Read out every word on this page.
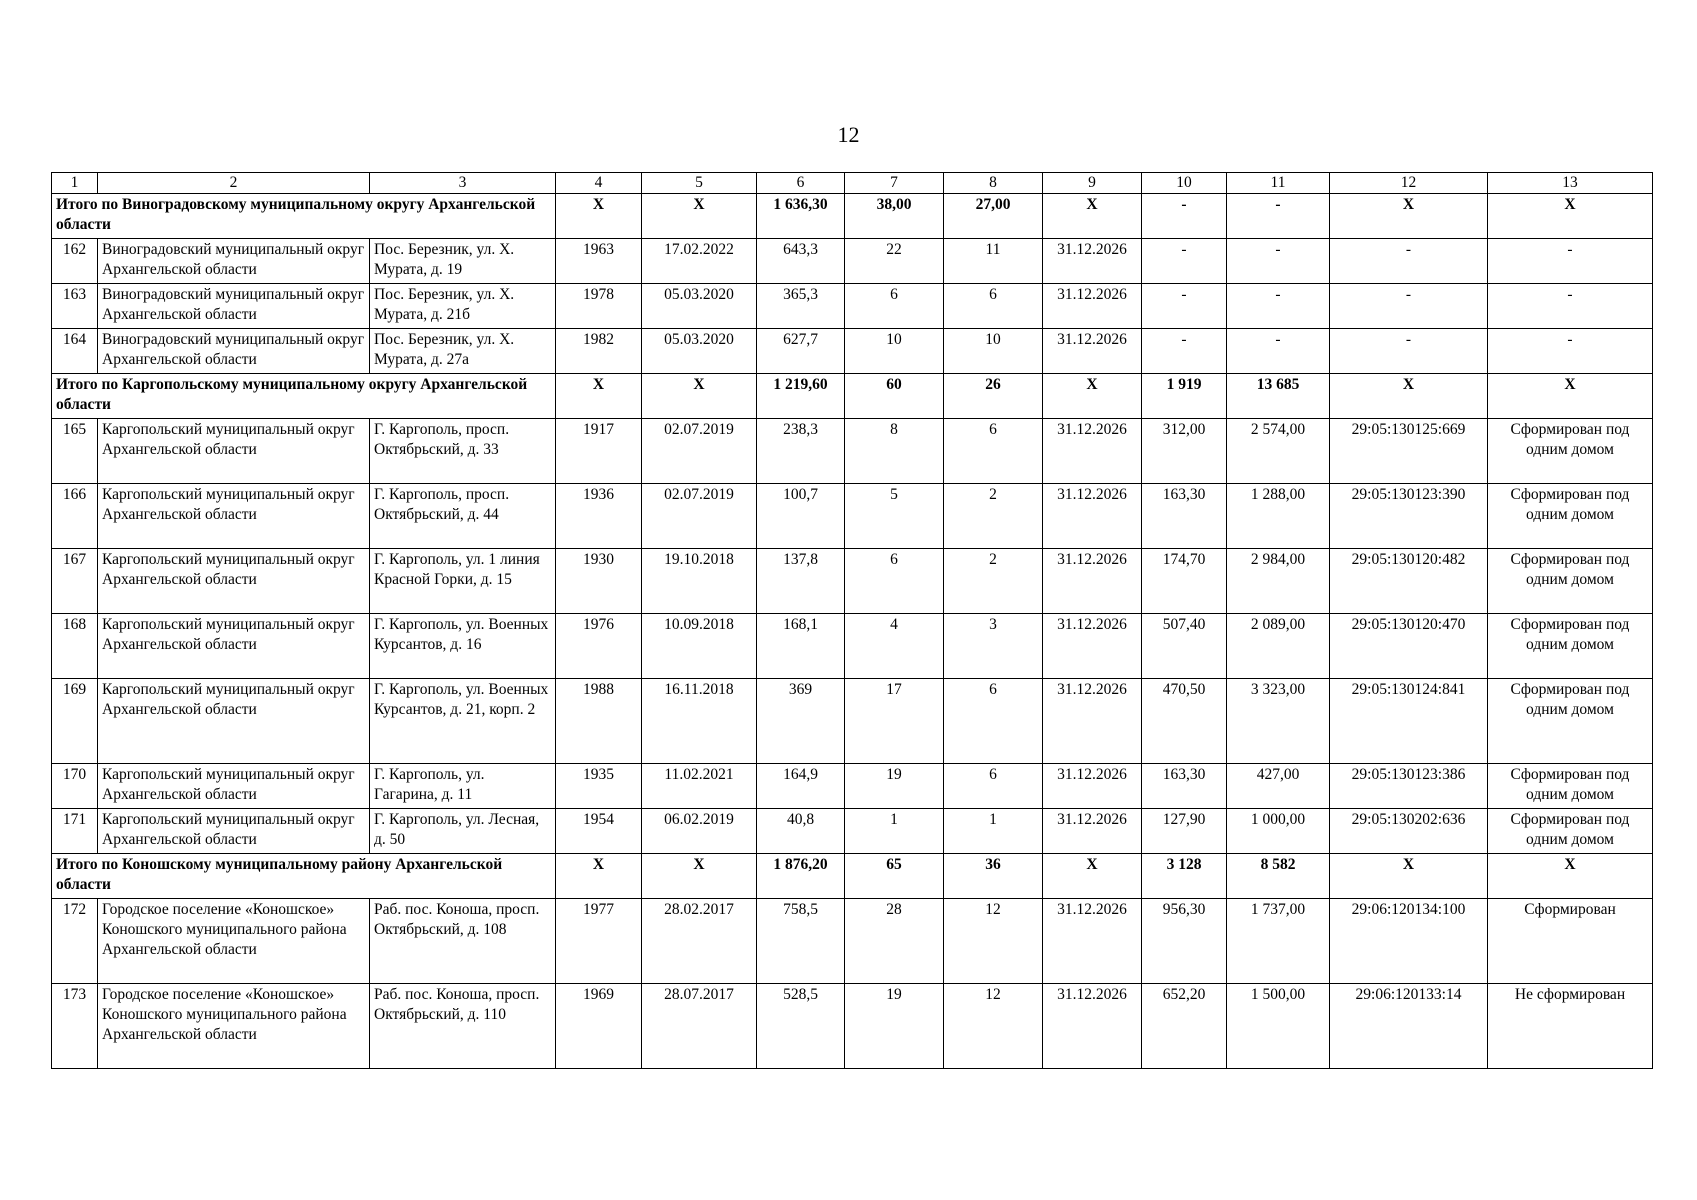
12
1	2	3	4	5	6	7	8	9	10	11	12	13
Итого по Виноградовскому муниципальному округу Архангельской области			X	X	1 636,30	38,00	27,00	X	-	-	X	X
162	Виноградовский муниципальный округ Архангельской области	Пос. Березник, ул. Х. Мурата, д. 19	1963	17.02.2022	643,3	22	11	31.12.2026	-	-	-	-
163	Виноградовский муниципальный округ Архангельской области	Пос. Березник, ул. Х. Мурата, д. 21б	1978	05.03.2020	365,3	6	6	31.12.2026	-	-	-	-
164	Виноградовский муниципальный округ Архангельской области	Пос. Березник, ул. Х. Мурата, д. 27а	1982	05.03.2020	627,7	10	10	31.12.2026	-	-	-	-
Итого по Каргопольскому муниципальному округу Архангельской области			X	X	1 219,60	60	26	X	1 919	13 685	X	X
165	Каргопольский муниципальный округ Архангельской области	Г. Каргополь, просп. Октябрьский, д. 33	1917	02.07.2019	238,3	8	6	31.12.2026	312,00	2 574,00	29:05:130125:669	Сформирован под одним домом
166	Каргопольский муниципальный округ Архангельской области	Г. Каргополь, просп. Октябрьский, д. 44	1936	02.07.2019	100,7	5	2	31.12.2026	163,30	1 288,00	29:05:130123:390	Сформирован под одним домом
167	Каргопольский муниципальный округ Архангельской области	Г. Каргополь, ул. 1 линия Красной Горки, д. 15	1930	19.10.2018	137,8	6	2	31.12.2026	174,70	2 984,00	29:05:130120:482	Сформирован под одним домом
168	Каргопольский муниципальный округ Архангельской области	Г. Каргополь, ул. Военных Курсантов, д. 16	1976	10.09.2018	168,1	4	3	31.12.2026	507,40	2 089,00	29:05:130120:470	Сформирован под одним домом
169	Каргопольский муниципальный округ Архангельской области	Г. Каргополь, ул. Военных Курсантов, д. 21, корп. 2	1988	16.11.2018	369	17	6	31.12.2026	470,50	3 323,00	29:05:130124:841	Сформирован под одним домом
170	Каргопольский муниципальный округ Архангельской области	Г. Каргополь, ул. Гагарина, д. 11	1935	11.02.2021	164,9	19	6	31.12.2026	163,30	427,00	29:05:130123:386	Сформирован под одним домом
171	Каргопольский муниципальный округ Архангельской области	Г. Каргополь, ул. Лесная, д. 50	1954	06.02.2019	40,8	1	1	31.12.2026	127,90	1 000,00	29:05:130202:636	Сформирован под одним домом
Итого по Коношскому муниципальному району Архангельской области			X	X	1 876,20	65	36	X	3 128	8 582	X	X
172	Городское поселение «Коношское» Коношского муниципального района Архангельской области	Раб. пос. Коноша, просп. Октябрьский, д. 108	1977	28.02.2017	758,5	28	12	31.12.2026	956,30	1 737,00	29:06:120134:100	Сформирован
173	Городское поселение «Коношское» Коношского муниципального района Архангельской области	Раб. пос. Коноша, просп. Октябрьский, д. 110	1969	28.07.2017	528,5	19	12	31.12.2026	652,20	1 500,00	29:06:120133:14	Не сформирован
